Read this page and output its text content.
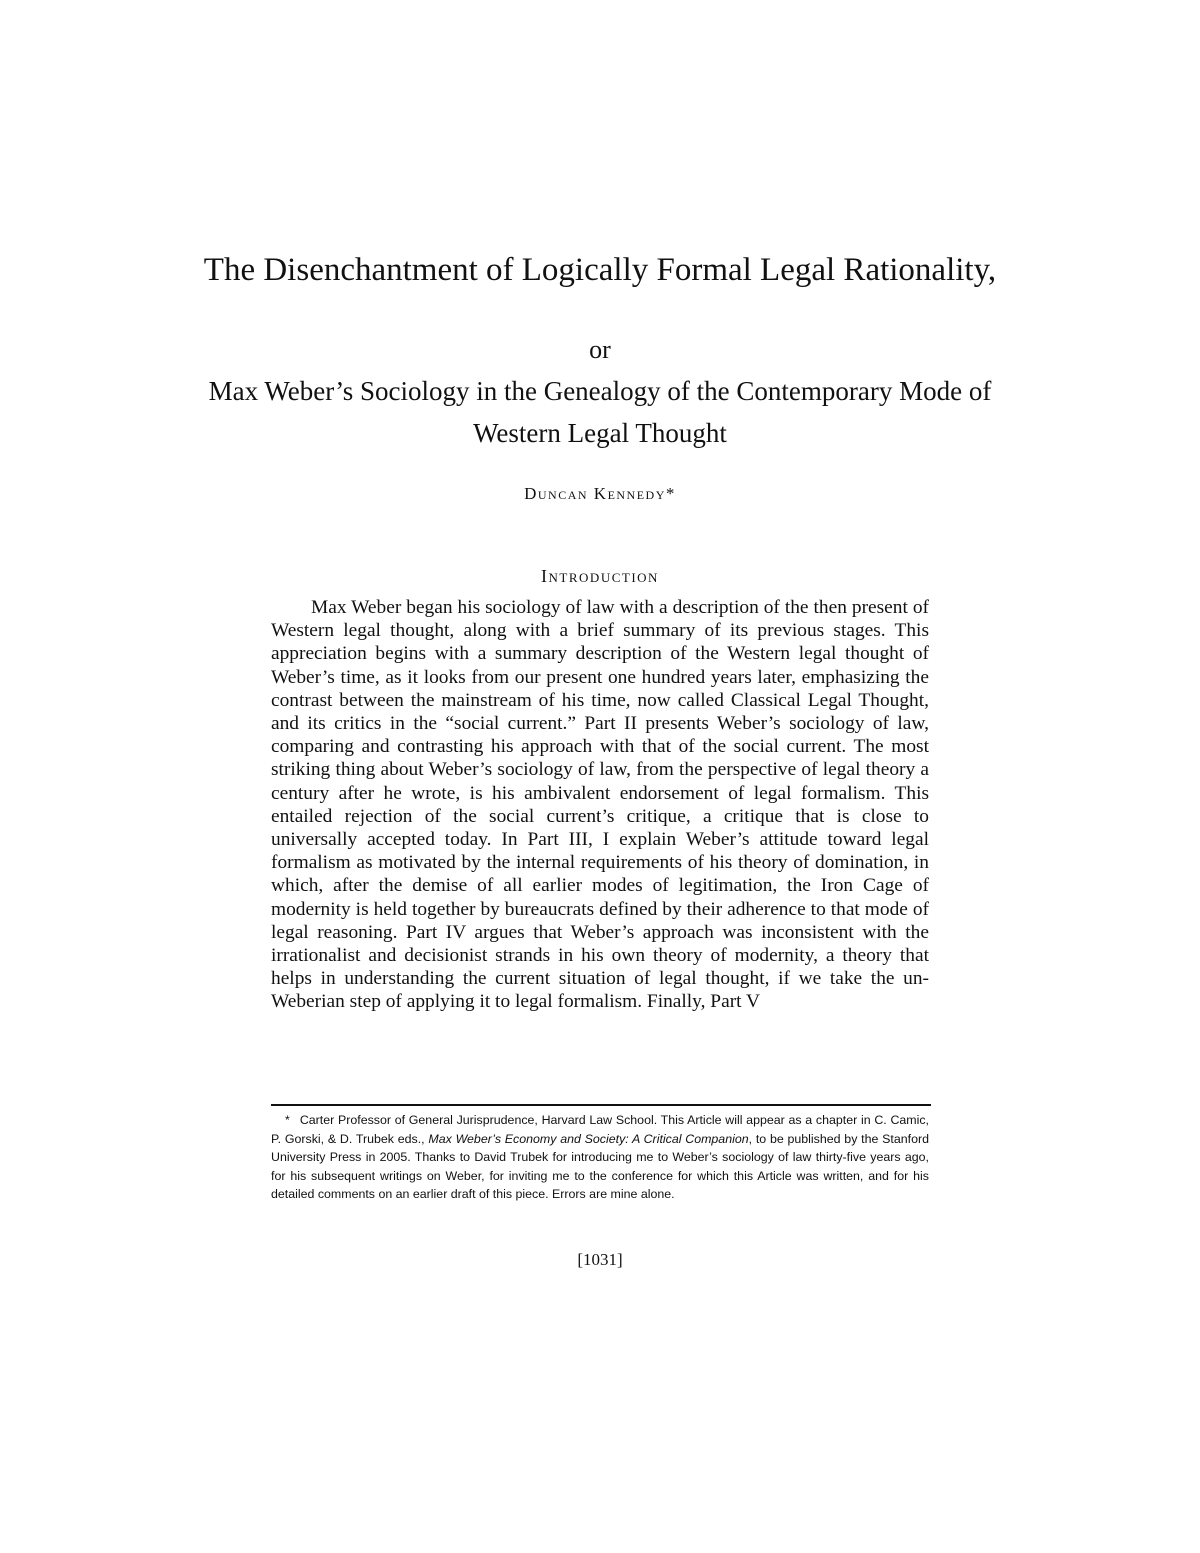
The Disenchantment of Logically Formal Legal Rationality,
or
Max Weber’s Sociology in the Genealogy of the Contemporary Mode of Western Legal Thought
Duncan Kennedy*
Introduction

Max Weber began his sociology of law with a description of the then present of Western legal thought, along with a brief summary of its previous stages. This appreciation begins with a summary description of the Western legal thought of Weber’s time, as it looks from our present one hundred years later, emphasizing the contrast between the mainstream of his time, now called Classical Legal Thought, and its critics in the “social current.” Part II presents Weber’s sociology of law, comparing and contrasting his approach with that of the social current. The most striking thing about Weber’s sociology of law, from the perspective of legal theory a century after he wrote, is his ambivalent endorsement of legal formalism. This entailed rejection of the social current’s critique, a critique that is close to universally accepted today. In Part III, I explain Weber’s attitude toward legal formalism as motivated by the internal requirements of his theory of domination, in which, after the demise of all earlier modes of legitimation, the Iron Cage of modernity is held together by bureaucrats defined by their adherence to that mode of legal reasoning. Part IV argues that Weber’s approach was inconsistent with the irrationalist and decisionist strands in his own theory of modernity, a theory that helps in understanding the current situation of legal thought, if we take the un-Weberian step of applying it to legal formalism. Finally, Part V

* Carter Professor of General Jurisprudence, Harvard Law School. This Article will appear as a chapter in C. Camic, P. Gorski, & D. Trubek eds., Max Weber’s Economy and Society: A Critical Companion, to be published by the Stanford University Press in 2005. Thanks to David Trubek for introducing me to Weber’s sociology of law thirty-five years ago, for his subsequent writings on Weber, for inviting me to the conference for which this Article was written, and for his detailed comments on an earlier draft of this piece. Errors are mine alone.

[1031]
